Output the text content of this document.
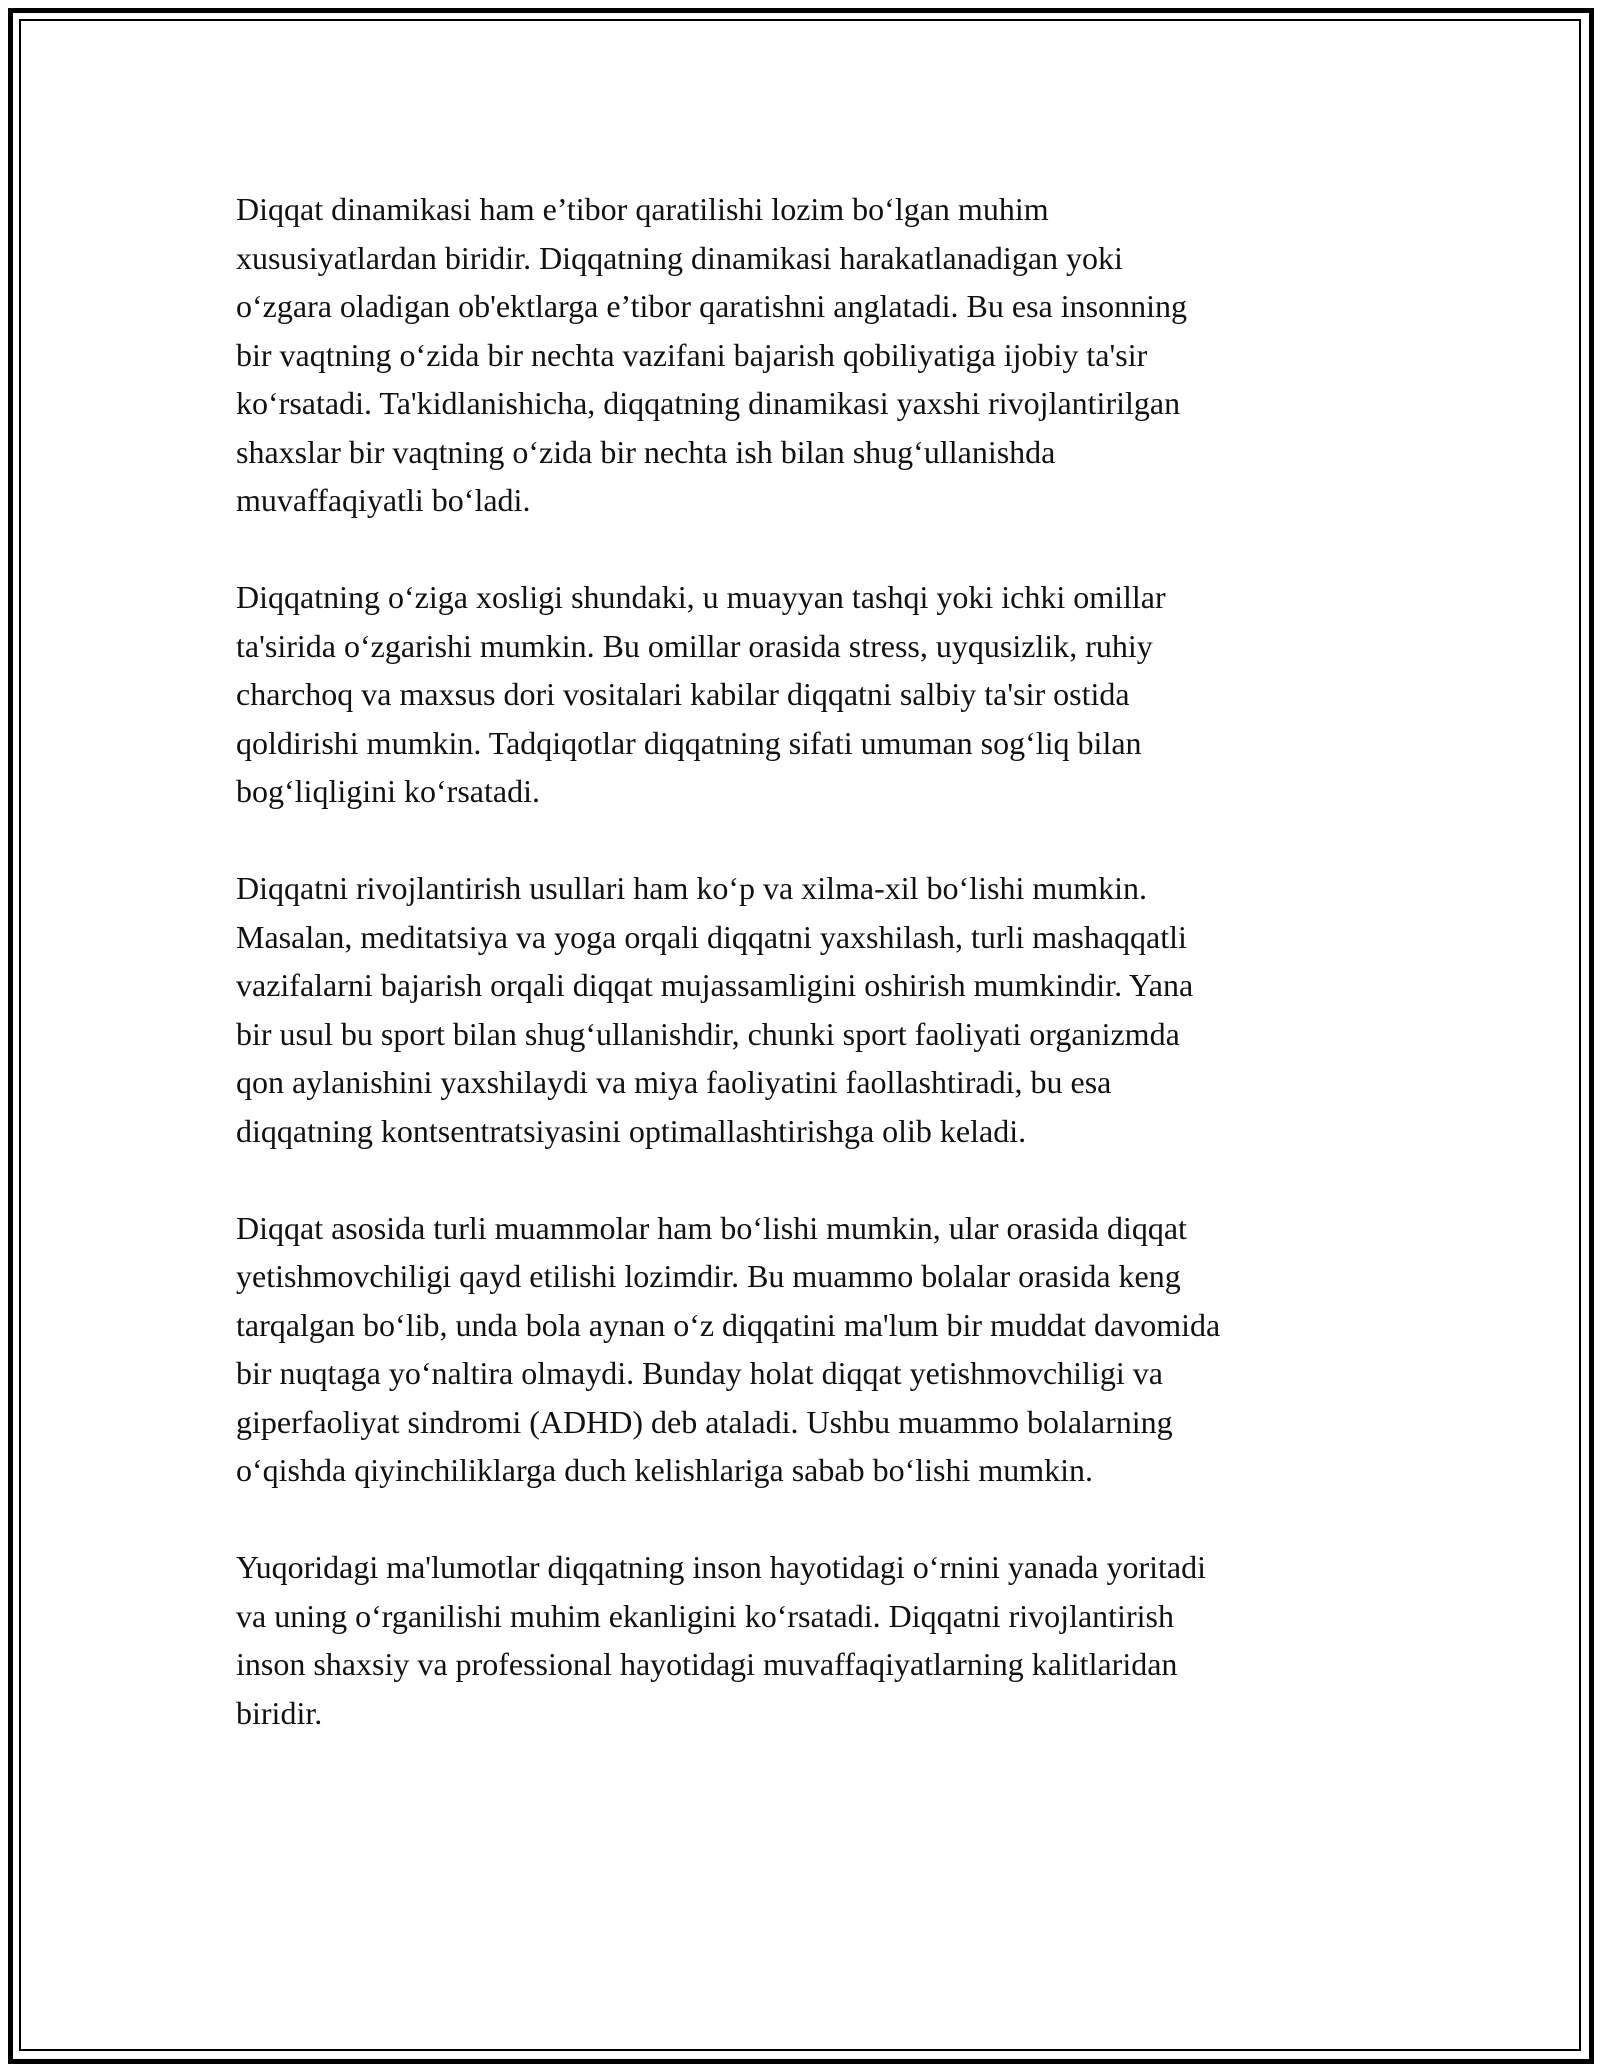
Diqqat dinamikasi ham e’tibor qaratilishi lozim bo‘lgan muhim
xususiyatlardan biridir. Diqqatning dinamikasi harakatlanadigan yoki
o‘zgara oladigan ob'ektlarga e’tibor qaratishni anglatadi. Bu esa insonning
bir vaqtning o‘zida bir nechta vazifani bajarish qobiliyatiga ijobiy ta'sir
ko‘rsatadi. Ta'kidlanishicha, diqqatning dinamikasi yaxshi rivojlantirilgan
shaxslar bir vaqtning o‘zida bir nechta ish bilan shug‘ullanishda
muvaffaqiyatli bo‘ladi.

Diqqatning o‘ziga xosligi shundaki, u muayyan tashqi yoki ichki omillar
ta'sirida o‘zgarishi mumkin. Bu omillar orasida stress, uyqusizlik, ruhiy
charchoq va maxsus dori vositalari kabilar diqqatni salbiy ta'sir ostida
qoldirishi mumkin. Tadqiqotlar diqqatning sifati umuman sog‘liq bilan
bog‘liqligini ko‘rsatadi.

Diqqatni rivojlantirish usullari ham ko‘p va xilma-xil bo‘lishi mumkin.
Masalan, meditatsiya va yoga orqali diqqatni yaxshilash, turli mashaqqatli
vazifalarni bajarish orqali diqqat mujassamligini oshirish mumkindir. Yana
bir usul bu sport bilan shug‘ullanishdir, chunki sport faoliyati organizmda
qon aylanishini yaxshilaydi va miya faoliyatini faollashtiradi, bu esa
diqqatning kontsentratsiyasini optimallashtirishga olib keladi.

Diqqat asosida turli muammolar ham bo‘lishi mumkin, ular orasida diqqat
yetishmovchiligi qayd etilishi lozimdir. Bu muammo bolalar orasida keng
tarqalgan bo‘lib, unda bola aynan o‘z diqqatini ma'lum bir muddat davomida
bir nuqtaga yo‘naltira olmaydi. Bunday holat diqqat yetishmovchiligi va
giperfaoliyat sindromi (ADHD) deb ataladi. Ushbu muammo bolalarning
o‘qishda qiyinchiliklarga duch kelishlariga sabab bo‘lishi mumkin.

Yuqoridagi ma'lumotlar diqqatning inson hayotidagi o‘rnini yanada yoritadi
va uning o‘rganilishi muhim ekanligini ko‘rsatadi. Diqqatni rivojlantirish
inson shaxsiy va professional hayotidagi muvaffaqiyatlarning kalitlaridan
biridir.
